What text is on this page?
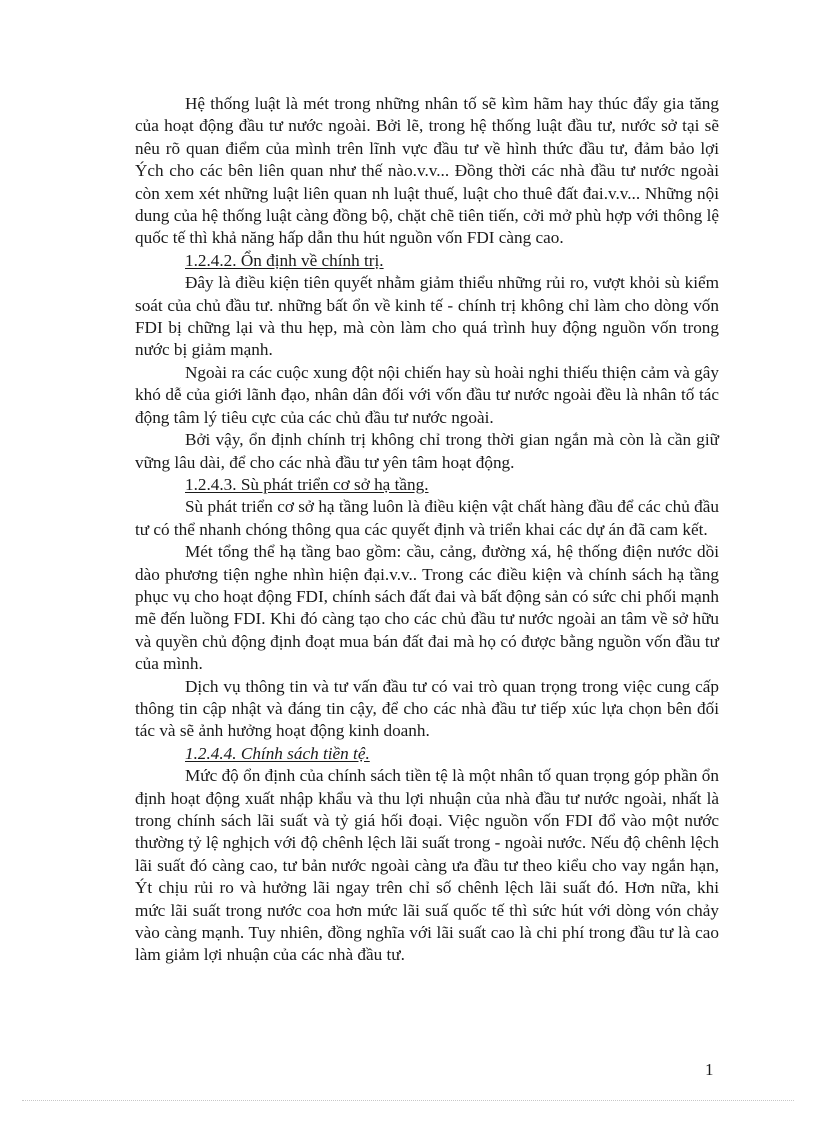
Hệ thống luật là mét trong những nhân tố sẽ kìm hãm hay thúc đẩy gia tăng của hoạt động đầu tư nước ngoài. Bởi lẽ, trong hệ thống luật đầu tư, nước sở tại sẽ nêu rõ quan điểm của mình trên lĩnh vực đầu tư về hình thức đầu tư, đảm bảo lợi Ých cho các bên liên quan như thế nào.v.v... Đồng thời các nhà đầu tư nước ngoài còn xem xét những luật liên quan nh luật thuế, luật cho thuê đất đai.v.v... Những nội dung của hệ thống luật càng đồng bộ, chặt chẽ tiên tiến, cởi mở phù hợp với thông lệ quốc tế thì khả năng hấp dẫn thu hút nguồn vốn FDI càng cao.

1.2.4.2. Ổn định về chính trị.

Đây là điều kiện tiên quyết nhằm giảm thiểu những rủi ro, vượt khỏi sù kiểm soát của chủ đầu tư. những bất ổn về kinh tế - chính trị không chỉ làm cho dòng vốn FDI bị chững lại và thu hẹp, mà còn làm cho quá trình huy động nguồn vốn trong nước bị giảm mạnh.

Ngoài ra các cuộc xung đột nội chiến hay sù hoài nghi thiếu thiện cảm và gây khó dễ của giới lãnh đạo, nhân dân đối với vốn đầu tư nước ngoài đều là nhân tố tác động tâm lý tiêu cực của các chủ đầu tư nước ngoài.

Bởi vậy, ổn định chính trị không chỉ trong thời gian ngắn mà còn là cần giữ vững lâu dài, để cho các nhà đầu tư yên tâm hoạt động.

1.2.4.3. Sù phát triển cơ sở hạ tầng.

Sù phát triển cơ sở hạ tầng luôn là điều kiện vật chất hàng đầu để các chủ đầu tư có thể nhanh chóng thông qua các quyết định và triển khai các dự án đã cam kết.

Mét tổng thể hạ tầng bao gồm: cầu, cảng, đường xá, hệ thống điện nước dồi dào phương tiện nghe nhìn hiện đại.v.v.. Trong các điều kiện và chính sách hạ tầng phục vụ cho hoạt động FDI, chính sách đất đai và bất động sản có sức chi phối mạnh mẽ đến luồng FDI. Khi đó càng tạo cho các chủ đầu tư nước ngoài an tâm về sở hữu và quyền chủ động định đoạt mua bán đất đai mà họ có được bằng nguồn vốn đầu tư của mình.

Dịch vụ thông tin và tư vấn đầu tư có vai trò quan trọng trong việc cung cấp thông tin cập nhật và đáng tin cậy, để cho các nhà đầu tư tiếp xúc lựa chọn bên đối tác và sẽ ảnh hưởng hoạt động kinh doanh.

1.2.4.4. Chính sách tiền tệ.

Mức độ ổn định của chính sách tiền tệ là một nhân tố quan trọng góp phần ổn định hoạt động xuất nhập khẩu và thu lợi nhuận của nhà đầu tư nước ngoài, nhất là trong chính sách lãi suất và tỷ giá hối đoại. Việc nguồn vốn FDI đổ vào một nước thường tỷ lệ nghịch với độ chênh lệch lãi suất trong - ngoài nước. Nếu độ chênh lệch lãi suất đó càng cao, tư bản nước ngoài càng ưa đầu tư theo kiểu cho vay ngắn hạn, Ýt chịu rủi ro và hưởng lãi ngay trên chỉ số chênh lệch lãi suất đó. Hơn nữa, khi mức lãi suất trong nước coa hơn mức lãi suấ quốc tế thì sức hút với dòng vón chảy vào càng mạnh. Tuy nhiên, đồng nghĩa với lãi suất cao là chi phí trong đầu tư là cao làm giảm lợi nhuận của các nhà đầu tư.

1
